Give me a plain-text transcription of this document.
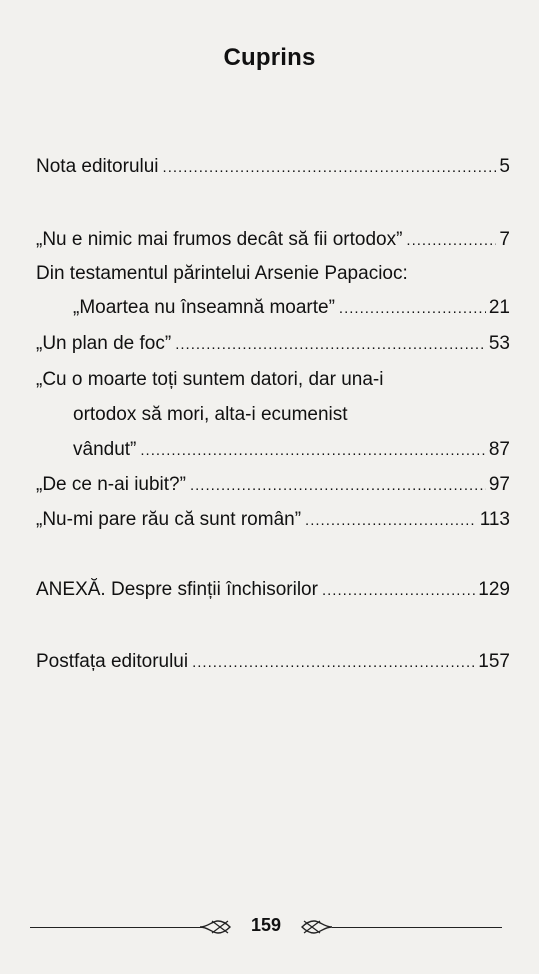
Cuprins
Nota editorului .....	5
„Nu e nimic mai frumos decât să fii ortodox” .....	7
Din testamentul părintelui Arsenie Papacioc:
„Moartea nu înseamnă moarte” .....	21
„Un plan de foc” .....	53
„Cu o moarte toți suntem datori, dar una-i
ortodox să mori, alta-i ecumenist
vândut” .....	87
„De ce n-ai iubit?” .....	97
„Nu-mi pare rău că sunt român” .....	113
ANEXĂ. Despre sfinții închisorilor .....	129
Postfața editorului .....	157
159
